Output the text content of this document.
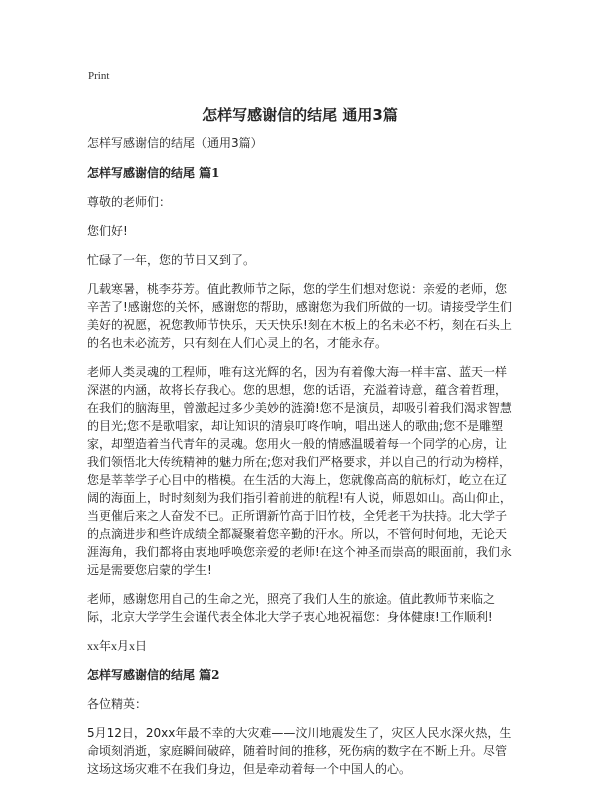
Print
怎样写感谢信的结尾 通用3篇

怎样写感谢信的结尾（通用3篇）

怎样写感谢信的结尾 篇1

尊敬的老师们：

您们好!

忙碌了一年，您的节日又到了。

几载寒暑，桃李芬芳。值此教师节之际，您的学生们想对您说：亲爱的老师，您辛苦了!感谢您的关怀，感谢您的帮助，感谢您为我们所做的一切。请接受学生们美好的祝愿，祝您教师节快乐，天天快乐!刻在木板上的名未必不朽，刻在石头上的名也未必流芳，只有刻在人们心灵上的名，才能永存。

老师人类灵魂的工程师，唯有这光辉的名，因为有着像大海一样丰富、蓝天一样深湛的内涵，故将长存我心。您的思想，您的话语，充溢着诗意，蕴含着哲理，在我们的脑海里，曾激起过多少美妙的涟漪!您不是演员，却吸引着我们渴求智慧的目光;您不是歌唱家，却让知识的清泉叮咚作响，唱出迷人的歌曲;您不是雕塑家，却塑造着当代青年的灵魂。您用火一般的情感温暖着每一个同学的心房，让我们领悟北大传统精神的魅力所在;您对我们严格要求，并以自己的行动为榜样，您是莘莘学子心目中的楷模。在生活的大海上，您就像高高的航标灯，屹立在辽阔的海面上，时时刻刻为我们指引着前进的航程!有人说，师恩如山。高山仰止，当更催后来之人奋发不已。正所谓新竹高于旧竹枝，全凭老干为扶持。北大学子的点滴进步和些许成绩全都凝聚着您辛勤的汗水。所以，不管何时何地，无论天涯海角，我们都将由衷地呼唤您亲爱的老师!在这个神圣而崇高的眼面前，我们永远是需要您启蒙的学生!

老师，感谢您用自己的生命之光，照亮了我们人生的旅途。值此教师节来临之际，北京大学学生会谨代表全体北大学子衷心地祝福您：身体健康!工作顺利!

xx年x月x日

怎样写感谢信的结尾 篇2

各位精英：

5月12日，20xx年最不幸的大灾难——汶川地震发生了，灾区人民水深火热，生命顷刻消逝，家庭瞬间破碎，随着时间的推移，死伤病的数字在不断上升。尽管这场这场灾难不在我们身边，但是牵动着每一个中国人的心。
